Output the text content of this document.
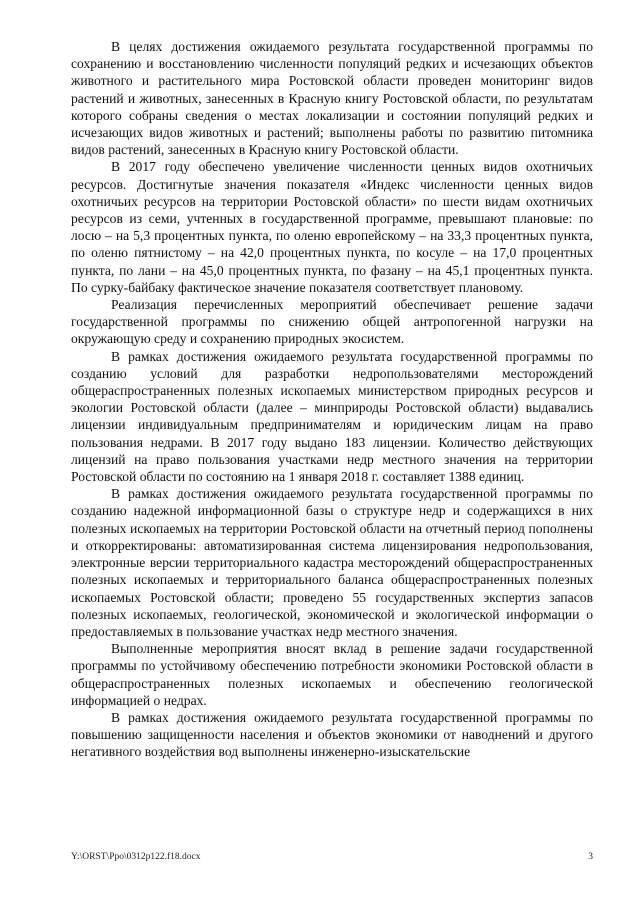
В целях достижения ожидаемого результата государственной программы по сохранению и восстановлению численности популяций редких и исчезающих объектов животного и растительного мира Ростовской области проведен мониторинг видов растений и животных, занесенных в Красную книгу Ростовской области, по результатам которого собраны сведения о местах локализации и состоянии популяций редких и исчезающих видов животных и растений; выполнены работы по развитию питомника видов растений, занесенных в Красную книгу Ростовской области.

В 2017 году обеспечено увеличение численности ценных видов охотничьих ресурсов. Достигнутые значения показателя «Индекс численности ценных видов охотничьих ресурсов на территории Ростовской области» по шести видам охотничьих ресурсов из семи, учтенных в государственной программе, превышают плановые: по лосю – на 5,3 процентных пункта, по оленю европейскому – на 33,3 процентных пункта, по оленю пятнистому – на 42,0 процентных пункта, по косуле – на 17,0 процентных пункта, по лани – на 45,0 процентных пункта, по фазану – на 45,1 процентных пункта. По сурку-байбаку фактическое значение показателя соответствует плановому.

Реализация перечисленных мероприятий обеспечивает решение задачи государственной программы по снижению общей антропогенной нагрузки на окружающую среду и сохранению природных экосистем.

В рамках достижения ожидаемого результата государственной программы по созданию условий для разработки недропользователями месторождений общераспространенных полезных ископаемых министерством природных ресурсов и экологии Ростовской области (далее – минприроды Ростовской области) выдавались лицензии индивидуальным предпринимателям и юридическим лицам на право пользования недрами. В 2017 году выдано 183 лицензии. Количество действующих лицензий на право пользования участками недр местного значения на территории Ростовской области по состоянию на 1 января 2018 г. составляет 1388 единиц.

В рамках достижения ожидаемого результата государственной программы по созданию надежной информационной базы о структуре недр и содержащихся в них полезных ископаемых на территории Ростовской области на отчетный период пополнены и откорректированы: автоматизированная система лицензирования недропользования, электронные версии территориального кадастра месторождений общераспространенных полезных ископаемых и территориального баланса общераспространенных полезных ископаемых Ростовской области; проведено 55 государственных экспертиз запасов полезных ископаемых, геологической, экономической и экологической информации о предоставляемых в пользование участках недр местного значения.

Выполненные мероприятия вносят вклад в решение задачи государственной программы по устойчивому обеспечению потребности экономики Ростовской области в общераспространенных полезных ископаемых и обеспечению геологической информацией о недрах.

В рамках достижения ожидаемого результата государственной программы по повышению защищенности населения и объектов экономики от наводнений и другого негативного воздействия вод выполнены инженерно-изыскательские

Y:\ORST\Ppo\0312p122.f18.docx	3
